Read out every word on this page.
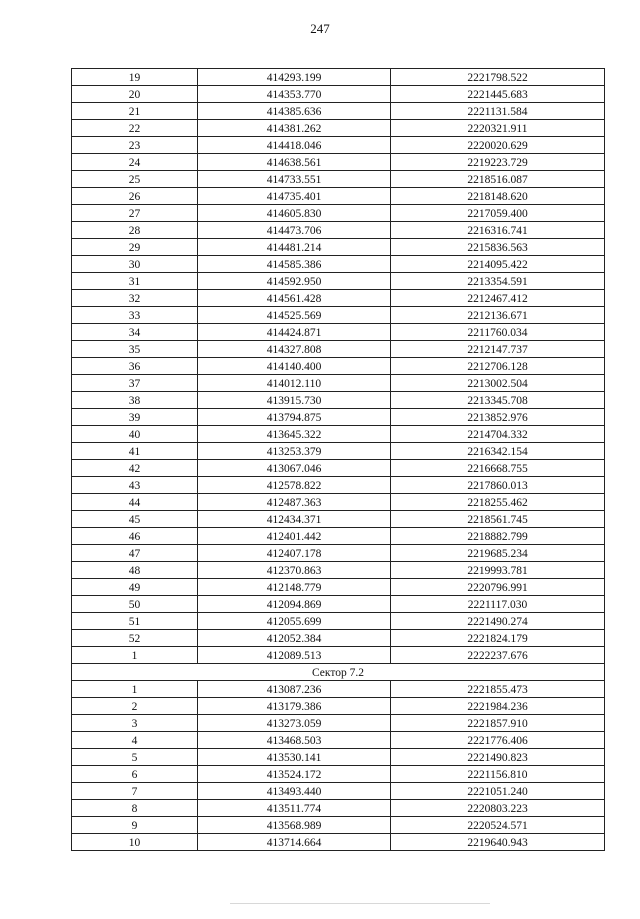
247
19	414293.199	2221798.522
20	414353.770	2221445.683
21	414385.636	2221131.584
22	414381.262	2220321.911
23	414418.046	2220020.629
24	414638.561	2219223.729
25	414733.551	2218516.087
26	414735.401	2218148.620
27	414605.830	2217059.400
28	414473.706	2216316.741
29	414481.214	2215836.563
30	414585.386	2214095.422
31	414592.950	2213354.591
32	414561.428	2212467.412
33	414525.569	2212136.671
34	414424.871	2211760.034
35	414327.808	2212147.737
36	414140.400	2212706.128
37	414012.110	2213002.504
38	413915.730	2213345.708
39	413794.875	2213852.976
40	413645.322	2214704.332
41	413253.379	2216342.154
42	413067.046	2216668.755
43	412578.822	2217860.013
44	412487.363	2218255.462
45	412434.371	2218561.745
46	412401.442	2218882.799
47	412407.178	2219685.234
48	412370.863	2219993.781
49	412148.779	2220796.991
50	412094.869	2221117.030
51	412055.699	2221490.274
52	412052.384	2221824.179
1	412089.513	2222237.676
Сектор 7.2		
1	413087.236	2221855.473
2	413179.386	2221984.236
3	413273.059	2221857.910
4	413468.503	2221776.406
5	413530.141	2221490.823
6	413524.172	2221156.810
7	413493.440	2221051.240
8	413511.774	2220803.223
9	413568.989	2220524.571
10	413714.664	2219640.943
